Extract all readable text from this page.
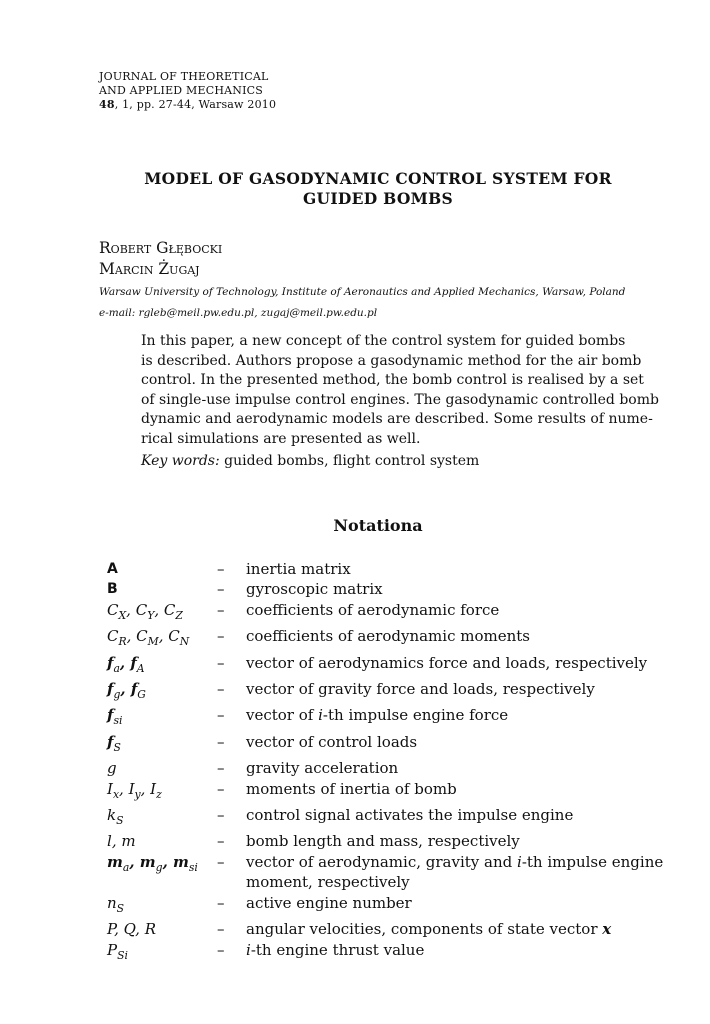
JOURNAL OF THEORETICAL
AND APPLIED MECHANICS
48, 1, pp. 27-44, Warsaw 2010
MODEL OF GASODYNAMIC CONTROL SYSTEM FOR
GUIDED BOMBS
Robert Głębocki
Marcin Żugaj
Warsaw University of Technology, Institute of Aeronautics and Applied Mechanics, Warsaw, Poland
e-mail: rgleb@meil.pw.edu.pl, zugaj@meil.pw.edu.pl
In this paper, a new concept of the control system for guided bombs
is described. Authors propose a gasodynamic method for the air bomb
control. In the presented method, the bomb control is realised by a set
of single-use impulse control engines. The gasodynamic controlled bomb
dynamic and aerodynamic models are described. Some results of nume-
rical simulations are presented as well.
Key words: guided bombs, flight control system
Notationa
A	–	inertia matrix
B	–	gyroscopic matrix
$C_X$, $C_Y$, $C_Z$	–	coefficients of aerodynamic force
$C_R$, $C_M$, $C_N$	–	coefficients of aerodynamic moments
$f_a$, $f_A$	–	vector of aerodynamics force and loads, respectively
$f_g$, $f_G$	–	vector of gravity force and loads, respectively
$f_{si}$	–	vector of i-th impulse engine force
$f_S$	–	vector of control loads
g	–	gravity acceleration
$I_x$, $I_y$, $I_z$	–	moments of inertia of bomb
$k_S$	–	control signal activates the impulse engine
l, m	–	bomb length and mass, respectively
$m_a$, $m_g$, $m_{si}$	–	vector of aerodynamic, gravity and i-th impulse engine
moment, respectively
$n_S$	–	active engine number
P, Q, R	–	angular velocities, components of state vector x
$P_{Si}$	–	i-th engine thrust value
